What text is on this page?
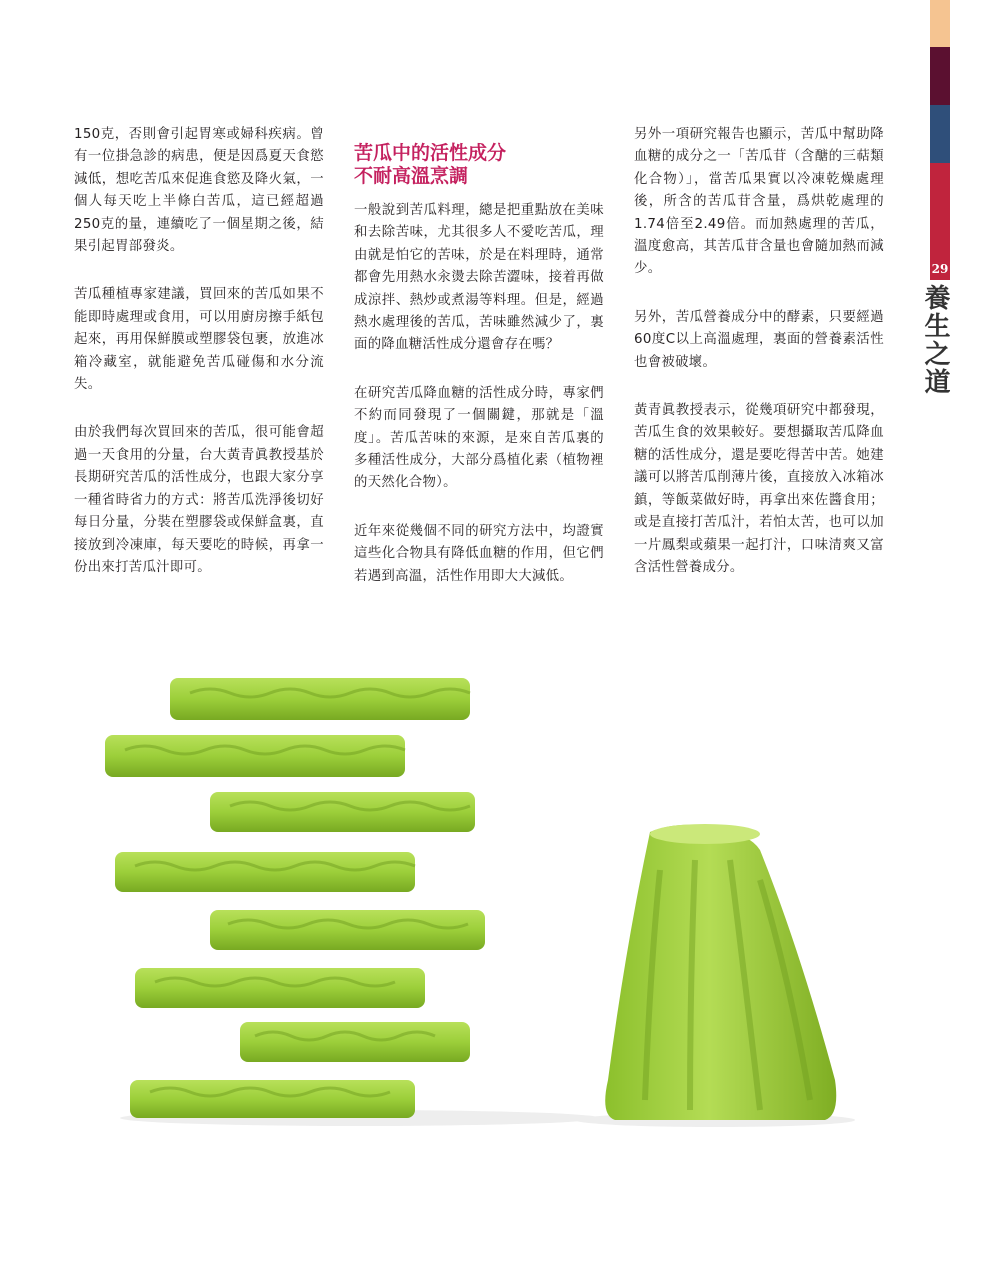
29
養生之道

150克，否則會引起胃寒或婦科疾病。曾有一位掛急診的病患，便是因爲夏天食慾減低，想吃苦瓜來促進食慾及降火氣，一個人每天吃上半條白苦瓜，這已經超過250克的量，連續吃了一個星期之後，結果引起胃部發炎。

苦瓜種植專家建議，買回來的苦瓜如果不能即時處理或食用，可以用廚房擦手紙包起來，再用保鮮膜或塑膠袋包裹，放進冰箱冷藏室，就能避免苦瓜碰傷和水分流失。

由於我們每次買回來的苦瓜，很可能會超過一天食用的分量，台大黃青眞教授基於長期研究苦瓜的活性成分，也跟大家分享一種省時省力的方式：將苦瓜洗淨後切好每日分量，分裝在塑膠袋或保鮮盒裏，直接放到冷凍庫，每天要吃的時候，再拿一份出來打苦瓜汁即可。

苦瓜中的活性成分
不耐高溫烹調

一般說到苦瓜料理，總是把重點放在美味和去除苦味，尤其很多人不愛吃苦瓜，理由就是怕它的苦味，於是在料理時，通常都會先用熱水汆燙去除苦澀味，接着再做成涼拌、熱炒或煮湯等料理。但是，經過熱水處理後的苦瓜，苦味雖然減少了，裏面的降血糖活性成分還會存在嗎？

在研究苦瓜降血糖的活性成分時，專家們不約而同發現了一個關鍵，那就是「溫度」。苦瓜苦味的來源，是來自苦瓜裏的多種活性成分，大部分爲植化素（植物裡的天然化合物）。

近年來從幾個不同的研究方法中，均證實這些化合物具有降低血糖的作用，但它們若遇到高溫，活性作用即大大減低。

另外一項研究報告也顯示，苦瓜中幫助降血糖的成分之一「苦瓜苷（含醣的三萜類化合物）」，當苦瓜果實以冷凍乾燥處理後，所含的苦瓜苷含量，爲烘乾處理的1.74倍至2.49倍。而加熱處理的苦瓜，溫度愈高，其苦瓜苷含量也會隨加熱而減少。

另外，苦瓜營養成分中的酵素，只要經過60度C以上高溫處理，裏面的營養素活性也會被破壞。

黃青眞教授表示，從幾項研究中都發現，苦瓜生食的效果較好。要想攝取苦瓜降血糖的活性成分，還是要吃得苦中苦。她建議可以將苦瓜削薄片後，直接放入冰箱冰鎮，等飯菜做好時，再拿出來佐醬食用；或是直接打苦瓜汁，若怕太苦，也可以加一片鳳梨或蘋果一起打汁，口味清爽又富含活性營養成分。
